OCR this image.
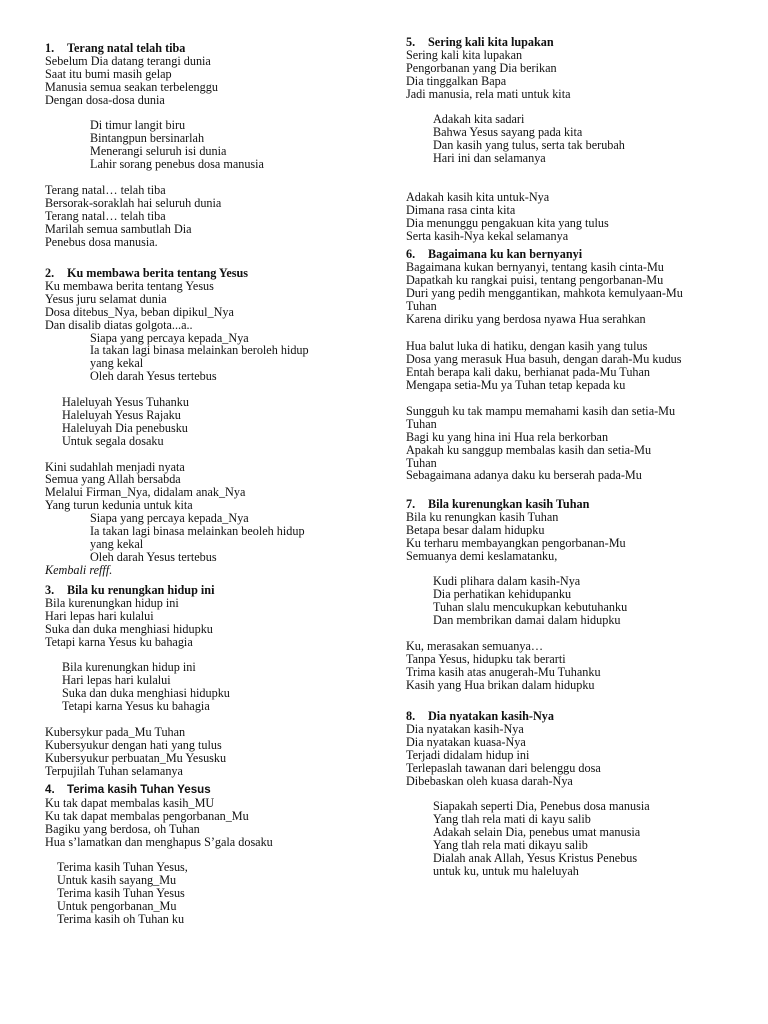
1. Terang natal telah tiba
Sebelum Dia datang terangi dunia
Saat itu bumi masih gelap
Manusia semua seakan terbelenggu
Dengan dosa-dosa dunia
Di timur langit biru
Bintangpun bersinarlah
Menerangi seluruh isi dunia
Lahir sorang penebus dosa manusia
Terang natal… telah tiba
Bersorak-soraklah hai seluruh dunia
Terang natal… telah tiba
Marilah semua sambutlah Dia
Penebus dosa manusia.
2. Ku membawa berita tentang Yesus
Ku membawa berita tentang Yesus
Yesus juru selamat dunia
Dosa ditebus_Nya, beban dipikul_Nya
Dan disalib diatas golgota...a..
Siapa yang percaya kepada_Nya
Ia takan lagi binasa melainkan beroleh hidup
yang kekal
Oleh darah Yesus tertebus
Haleluyah Yesus Tuhanku
Haleluyah Yesus Rajaku
Haleluyah Dia penebusku
Untuk segala dosaku
Kini sudahlah menjadi nyata
Semua yang Allah bersabda
Melalui Firman_Nya, didalam anak_Nya
Yang turun kedunia untuk kita
Siapa yang percaya kepada_Nya
Ia takan lagi binasa melainkan beoleh hidup
yang kekal
Oleh darah Yesus tertebus
Kembali refff.
3. Bila ku renungkan hidup ini
Bila kurenungkan hidup ini
Hari lepas hari kulalui
Suka dan duka menghiasi hidupku
Tetapi karna Yesus ku bahagia
Bila kurenungkan hidup ini
Hari lepas hari kulalui
Suka dan duka menghiasi hidupku
Tetapi karna Yesus ku bahagia
Kubersykur pada_Mu Tuhan
Kubersyukur dengan hati yang tulus
Kubersyukur perbuatan_Mu Yesusku
Terpujilah Tuhan selamanya
4. Terima kasih Tuhan Yesus
Ku tak dapat membalas kasih_MU
Ku tak dapat membalas pengorbanan_Mu
Bagiku yang berdosa, oh Tuhan
Hua s’lamatkan dan menghapus S’gala dosaku
Terima kasih Tuhan Yesus,
Untuk kasih sayang_Mu
Terima kasih Tuhan Yesus
Untuk pengorbanan_Mu
Terima kasih oh Tuhan ku
5. Sering kali kita lupakan
Sering kali kita lupakan
Pengorbanan yang Dia berikan
Dia tinggalkan Bapa
Jadi manusia, rela mati untuk kita
Adakah kita sadari
Bahwa Yesus sayang pada kita
Dan kasih yang tulus, serta tak berubah
Hari ini dan selamanya
Adakah kasih kita untuk-Nya
Dimana rasa cinta kita
Dia menunggu pengakuan kita yang tulus
Serta kasih-Nya kekal selamanya
6. Bagaimana ku kan bernyanyi
Bagaimana kukan bernyanyi, tentang kasih cinta-Mu
Dapatkah ku rangkai puisi, tentang pengorbanan-Mu
Duri yang pedih menggantikan, mahkota kemulyaan-Mu
Tuhan
Karena diriku yang berdosa nyawa Hua serahkan
Hua balut luka di hatiku, dengan kasih yang tulus
Dosa yang merasuk Hua basuh, dengan darah-Mu kudus
Entah berapa kali daku, berhianat pada-Mu Tuhan
Mengapa setia-Mu ya Tuhan tetap kepada ku
Sungguh ku tak mampu memahami kasih dan setia-Mu
Tuhan
Bagi ku yang hina ini Hua rela berkorban
Apakah ku sanggup membalas kasih dan setia-Mu
Tuhan
Sebagaimana adanya daku ku berserah pada-Mu
7. Bila kurenungkan kasih Tuhan
Bila ku renungkan kasih Tuhan
Betapa besar dalam hidupku
Ku terharu membayangkan pengorbanan-Mu
Semuanya demi keslamatanku,
Kudi plihara dalam kasih-Nya
Dia perhatikan kehidupanku
Tuhan slalu mencukupkan kebutuhanku
Dan membrikan damai dalam hidupku
Ku, merasakan semuanya…
Tanpa Yesus, hidupku tak berarti
Trima kasih atas anugerah-Mu Tuhanku
Kasih yang Hua brikan dalam hidupku
8. Dia nyatakan kasih-Nya
Dia nyatakan kasih-Nya
Dia nyatakan kuasa-Nya
Terjadi didalam hidup ini
Terlepaslah tawanan dari belenggu dosa
Dibebaskan oleh kuasa darah-Nya
Siapakah seperti Dia, Penebus dosa manusia
Yang tlah rela mati di kayu salib
Adakah selain Dia, penebus umat manusia
Yang tlah rela mati dikayu salib
Dialah anak Allah, Yesus Kristus Penebus
untuk ku, untuk mu haleluyah
